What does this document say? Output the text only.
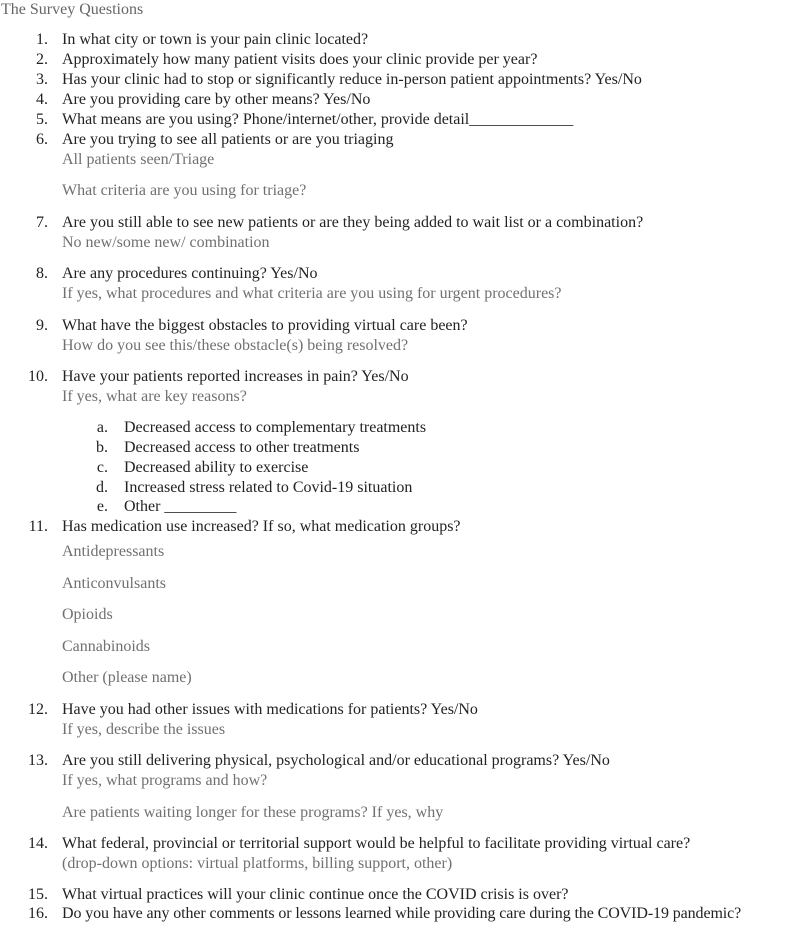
The Survey Questions
1. In what city or town is your pain clinic located?
2. Approximately how many patient visits does your clinic provide per year?
3. Has your clinic had to stop or significantly reduce in-person patient appointments? Yes/No
4. Are you providing care by other means? Yes/No
5. What means are you using? Phone/internet/other, provide detail_____________
6. Are you trying to see all patients or are you triaging
All patients seen/Triage
What criteria are you using for triage?
7. Are you still able to see new patients or are they being added to wait list or a combination?
No new/some new/ combination
8. Are any procedures continuing? Yes/No
If yes, what procedures and what criteria are you using for urgent procedures?
9. What have the biggest obstacles to providing virtual care been?
How do you see this/these obstacle(s) being resolved?
10. Have your patients reported increases in pain? Yes/No
If yes, what are key reasons?
a. Decreased access to complementary treatments
b. Decreased access to other treatments
c. Decreased ability to exercise
d. Increased stress related to Covid-19 situation
e. Other _________
11. Has medication use increased? If so, what medication groups?
Antidepressants
Anticonvulsants
Opioids
Cannabinoids
Other (please name)
12. Have you had other issues with medications for patients? Yes/No
If yes, describe the issues
13. Are you still delivering physical, psychological and/or educational programs? Yes/No
If yes, what programs and how?
Are patients waiting longer for these programs? If yes, why
14. What federal, provincial or territorial support would be helpful to facilitate providing virtual care?
(drop-down options: virtual platforms, billing support, other)
15. What virtual practices will your clinic continue once the COVID crisis is over?
16. Do you have any other comments or lessons learned while providing care during the COVID-19 pandemic?
